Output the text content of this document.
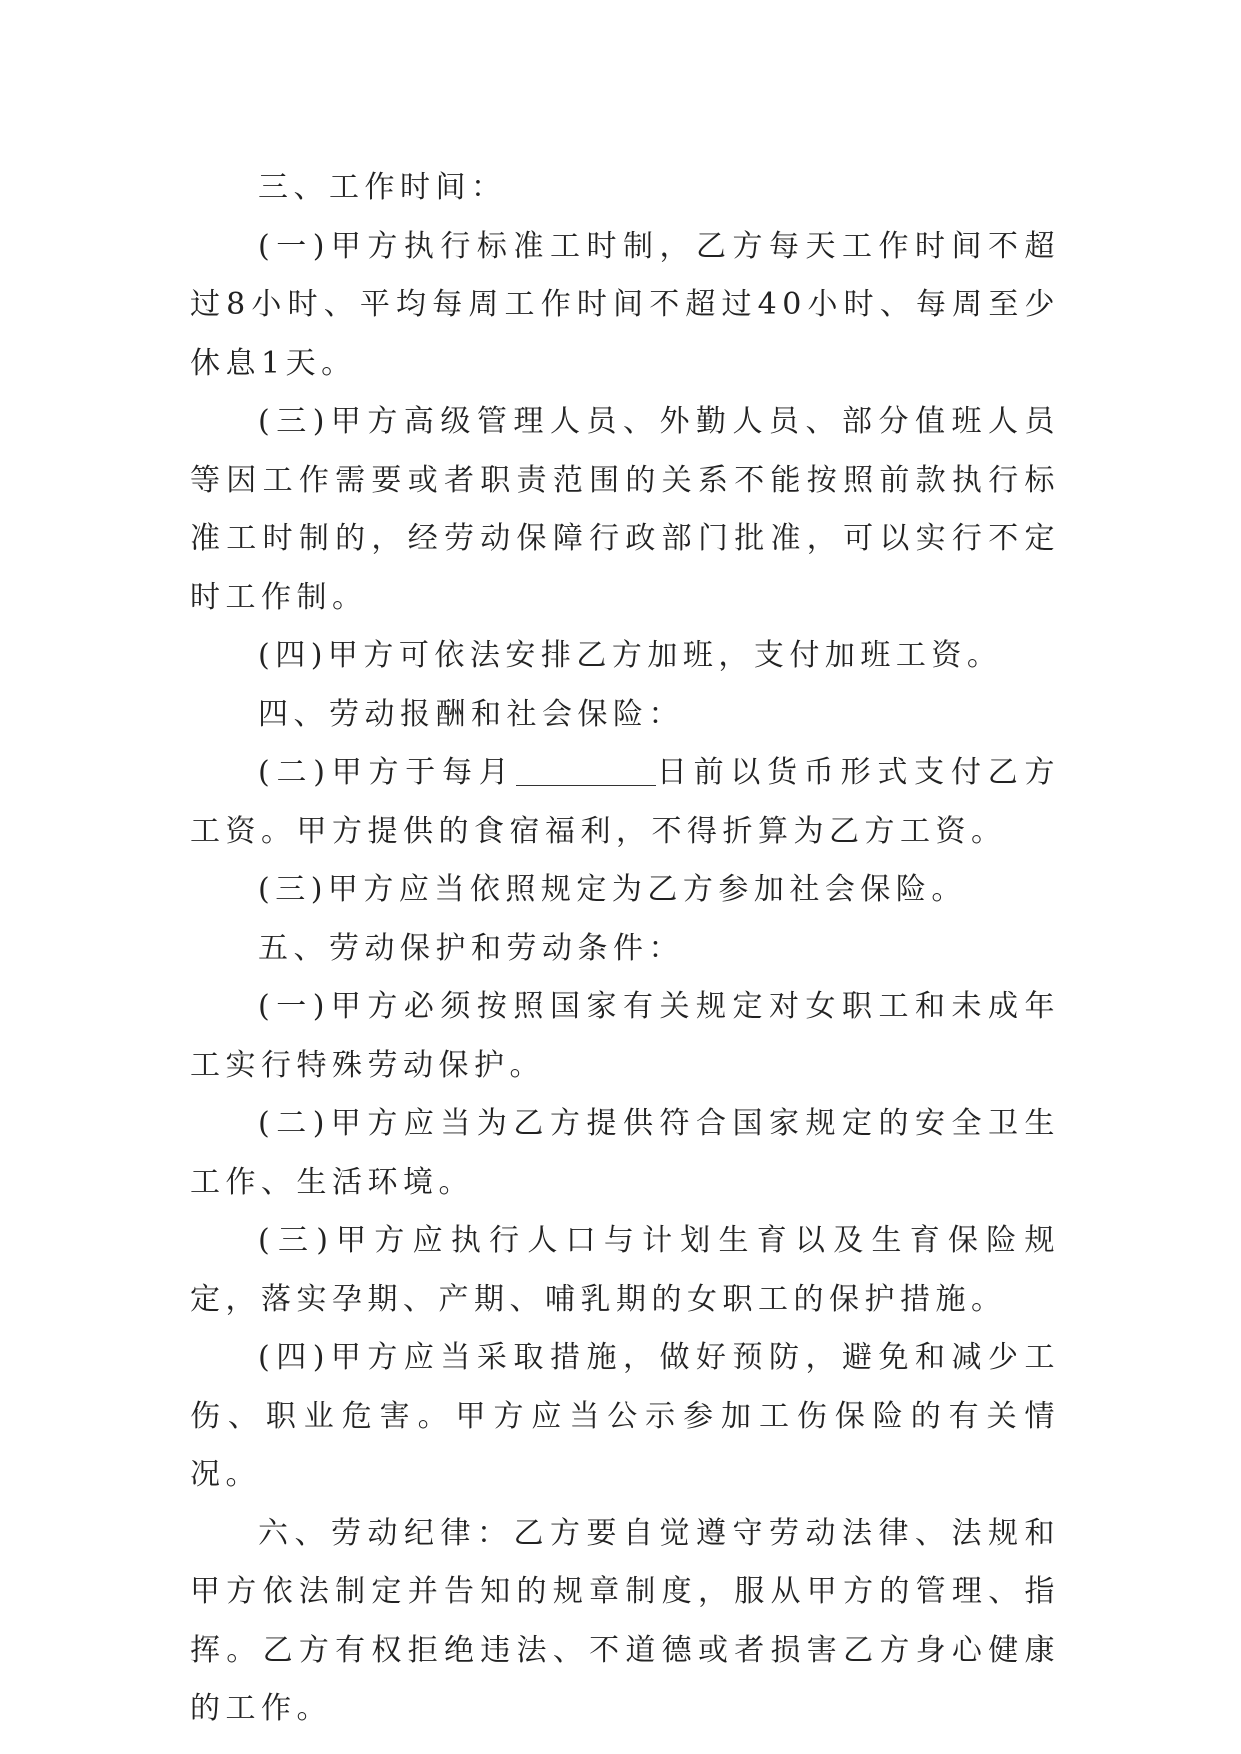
三、工作时间：

(一)甲方执行标准工时制，乙方每天工作时间不超过8小时、平均每周工作时间不超过40小时、每周至少休息1天。

(三)甲方高级管理人员、外勤人员、部分值班人员等因工作需要或者职责范围的关系不能按照前款执行标准工时制的，经劳动保障行政部门批准，可以实行不定时工作制。

(四)甲方可依法安排乙方加班，支付加班工资。

四、劳动报酬和社会保险：

(二)甲方于每月	日前以货币形式支付乙方工资。甲方提供的食宿福利，不得折算为乙方工资。

(三)甲方应当依照规定为乙方参加社会保险。

五、劳动保护和劳动条件：

(一)甲方必须按照国家有关规定对女职工和未成年工实行特殊劳动保护。

(二)甲方应当为乙方提供符合国家规定的安全卫生工作、生活环境。

(三)甲方应执行人口与计划生育以及生育保险规定，落实孕期、产期、哺乳期的女职工的保护措施。

(四)甲方应当采取措施，做好预防，避免和减少工伤、职业危害。甲方应当公示参加工伤保险的有关情况。

六、劳动纪律：乙方要自觉遵守劳动法律、法规和甲方依法制定并告知的规章制度，服从甲方的管理、指挥。乙方有权拒绝违法、不道德或者损害乙方身心健康的工作。
